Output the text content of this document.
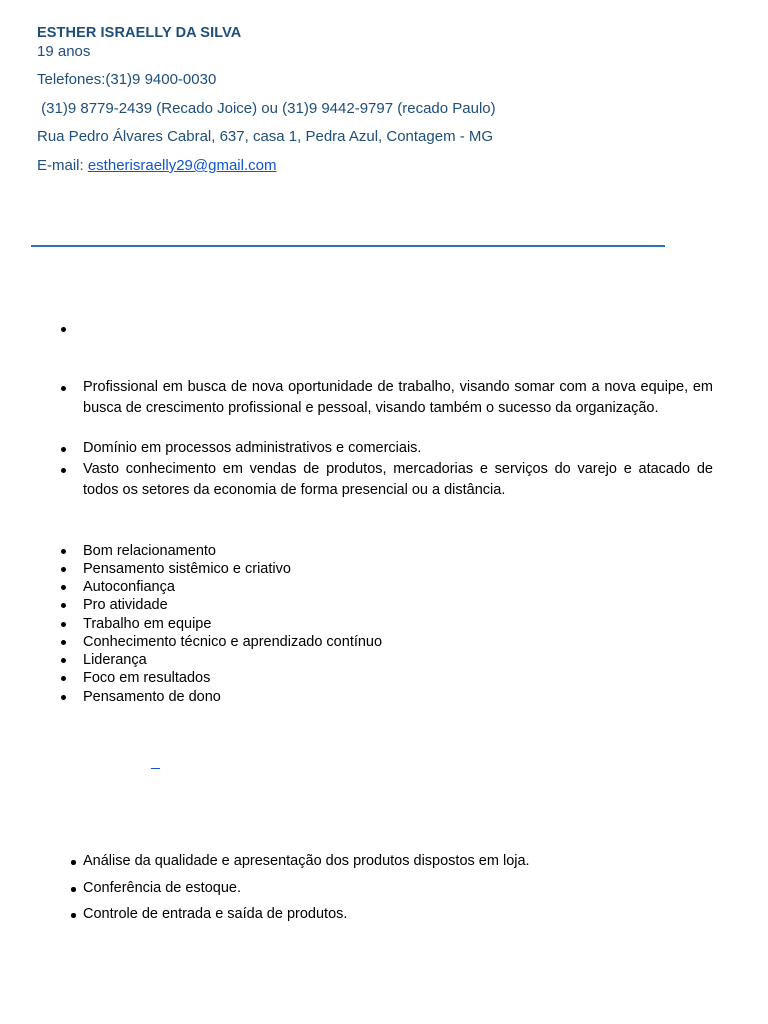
ESTHER ISRAELLY DA SILVA
19 anos
Telefones:(31)9 9400-0030
(31)9 8779-2439 (Recado Joice) ou (31)9 9442-9797 (recado Paulo)
Rua Pedro Álvares Cabral, 637, casa 1, Pedra Azul, Contagem - MG
E-mail: estherisraelly29@gmail.com
Profissional em busca de nova oportunidade de trabalho, visando somar com a nova equipe, em busca de crescimento profissional e pessoal, visando também o sucesso da organização.
Domínio em processos administrativos e comerciais.
Vasto conhecimento em vendas de produtos, mercadorias e serviços do varejo e atacado de todos os setores da economia de forma presencial ou a distância.
Bom relacionamento
Pensamento sistêmico e criativo
Autoconfiança
Pro atividade
Trabalho em equipe
Conhecimento técnico e aprendizado contínuo
Liderança
Foco em resultados
Pensamento de dono
Análise da qualidade e apresentação dos produtos dispostos em loja.
Conferência de estoque.
Controle de entrada e saída de produtos.
